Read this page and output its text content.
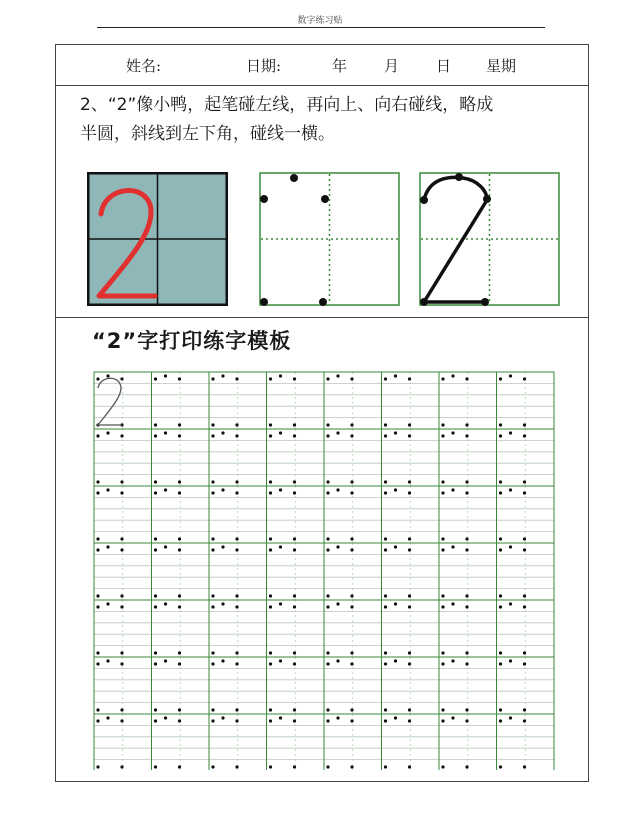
数字练习贴
姓名:	日期:	年 月 日 星期
2、“2”像小鸭，起笔碰左线，再向上、向右碰线，略成
半圆，斜线到左下角，碰线一横。
“2”字打印练字模板
